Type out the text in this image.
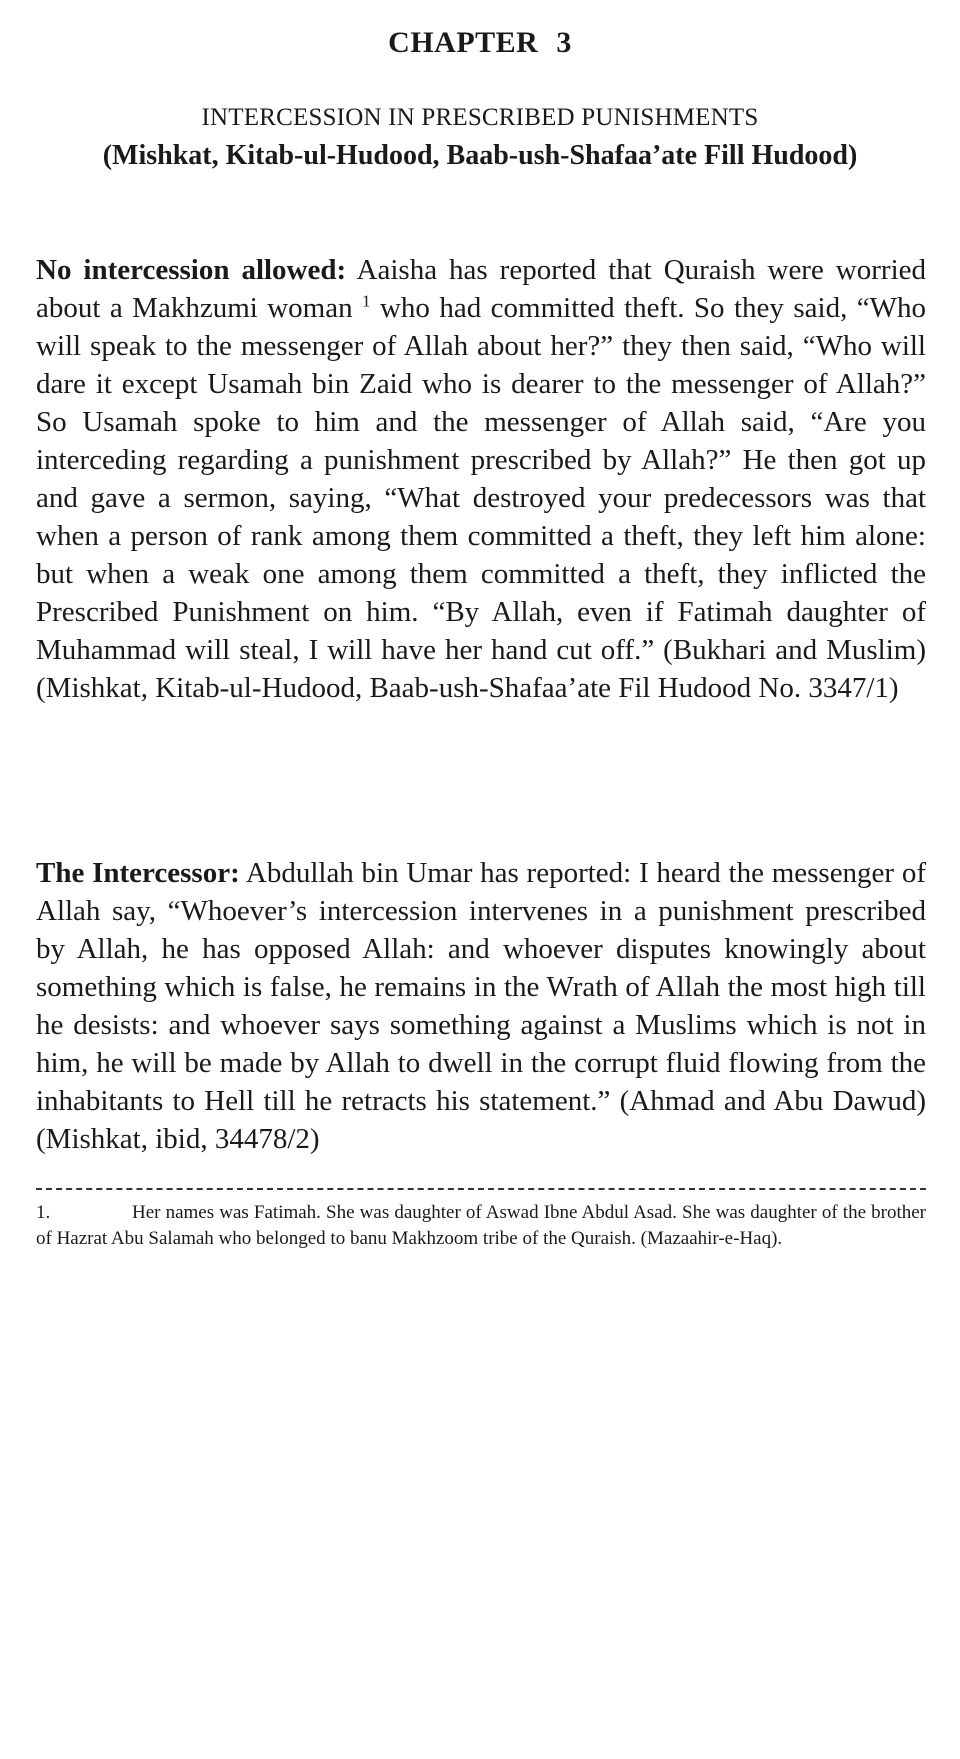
CHAPTER 3
INTERCESSION IN PRESCRIBED PUNISHMENTS
(Mishkat, Kitab-ul-Hudood, Baab-ush-Shafaa’ate Fill Hudood)

No intercession allowed: Aaisha has reported that Quraish were worried about a Makhzumi woman $^1$ who had committed theft. So they said, “Who will speak to the messenger of Allah about her?” they then said, “Who will dare it except Usamah bin Zaid who is dearer to the messenger of Allah?” So Usamah spoke to him and the messenger of Allah said, “Are you interceding regarding a punishment prescribed by Allah?” He then got up and gave a sermon, saying, “What destroyed your predecessors was that when a person of rank among them committed a theft, they left him alone: but when a weak one among them committed a theft, they inflicted the Prescribed Punishment on him. “By Allah, even if Fatimah daughter of Muhammad will steal, I will have her hand cut off.” (Bukhari and Muslim) (Mishkat, Kitab-ul-Hudood, Baab-ush-Shafaa’ate Fil Hudood No. 3347/1)

The Intercessor: Abdullah bin Umar has reported: I heard the messenger of Allah say, “Whoever’s intercession intervenes in a punishment prescribed by Allah, he has opposed Allah: and whoever disputes knowingly about something which is false, he remains in the Wrath of Allah the most high till he desists: and whoever says something against a Muslims which is not in him, he will be made by Allah to dwell in the corrupt fluid flowing from the inhabitants to Hell till he retracts his statement.” (Ahmad and Abu Dawud) (Mishkat, ibid, 34478/2)

1.	Her names was Fatimah. She was daughter of Aswad Ibne Abdul Asad. She was daughter of the brother of Hazrat Abu Salamah who belonged to banu Makhzoom tribe of the Quraish. (Mazaahir-e-Haq).
